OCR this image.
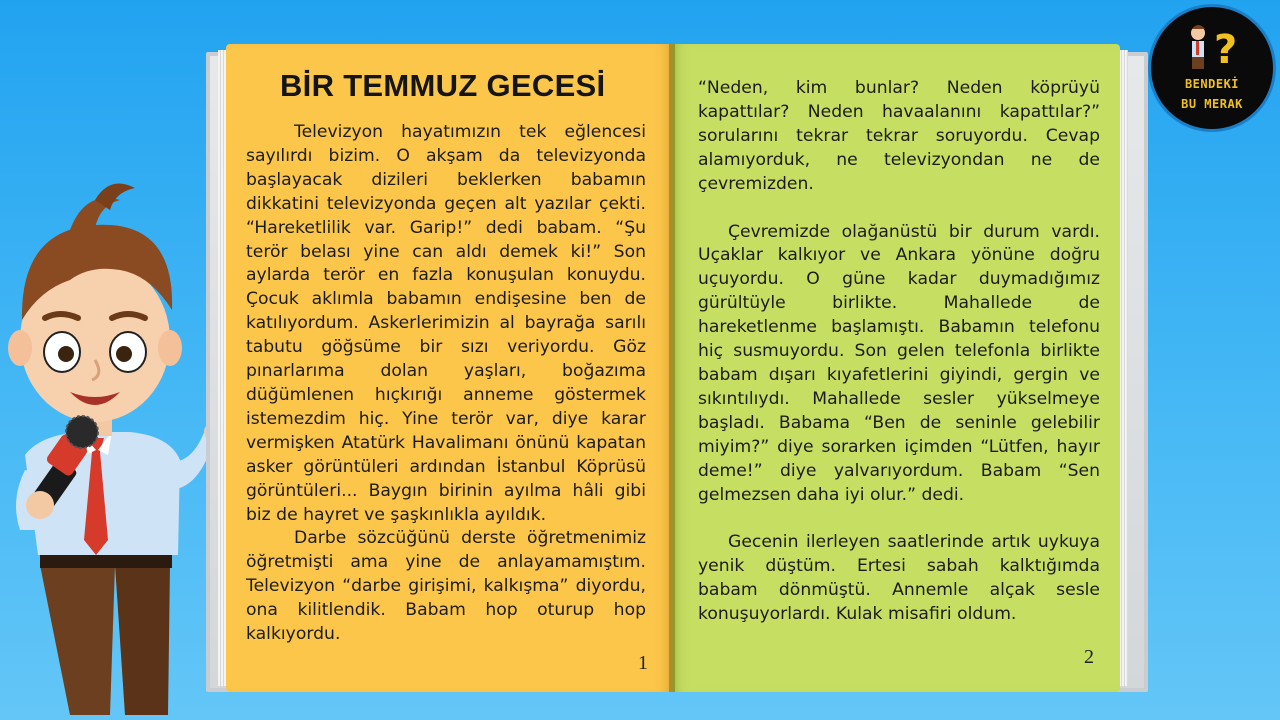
BİR TEMMUZ GECESİ

Televizyon hayatımızın tek eğlencesi sayılırdı bizim. O akşam da televizyonda başlayacak dizileri beklerken babamın dikkatini televizyonda geçen alt yazılar çekti. “Hareketlilik var. Garip!” dedi babam. “Şu terör belası yine can aldı demek ki!” Son aylarda terör en fazla konuşulan konuydu. Çocuk aklımla babamın endişesine ben de katılıyordum. Askerlerimizin al bayrağa sarılı tabutu göğsüme bir sızı veriyordu. Göz pınarlarıma dolan yaşları, boğazıma düğümlenen hıçkırığı anneme göstermek istemezdim hiç. Yine terör var, diye karar vermişken Atatürk Havalimanı önünü kapatan asker görüntüleri ardından İstanbul Köprüsü görüntüleri... Baygın birinin ayılma hâli gibi biz de hayret ve şaşkınlıkla ayıldık.

Darbe sözcüğünü derste öğretmenimiz öğretmişti ama yine de anlayamamıştım. Televizyon “darbe girişimi, kalkışma” diyordu, ona kilitlendik. Babam hop oturup hop kalkıyordu.

1

“Neden, kim bunlar? Neden köprüyü kapattılar? Neden havaalanını kapattılar?” sorularını tekrar tekrar soruyordu. Cevap alamıyorduk, ne televizyondan ne de çevremizden.

Çevremizde olağanüstü bir durum vardı. Uçaklar kalkıyor ve Ankara yönüne doğru uçuyordu. O güne kadar duymadığımız gürültüyle birlikte. Mahallede de hareketlenme başlamıştı. Babamın telefonu hiç susmuyordu. Son gelen telefonla birlikte babam dışarı kıyafetlerini giyindi, gergin ve sıkıntılıydı. Mahallede sesler yükselmeye başladı. Babama “Ben de seninle gelebilir miyim?” diye sorarken içimden “Lütfen, hayır deme!” diye yalvarıyordum. Babam “Sen gelmezsen daha iyi olur.” dedi.

Gecenin ilerleyen saatlerinde artık uykuya yenik düştüm. Ertesi sabah kalktığımda babam dönmüştü. Annemle alçak sesle konuşuyorlardı. Kulak misafiri oldum.

2
?
BENDEKİ
BU MERAK
